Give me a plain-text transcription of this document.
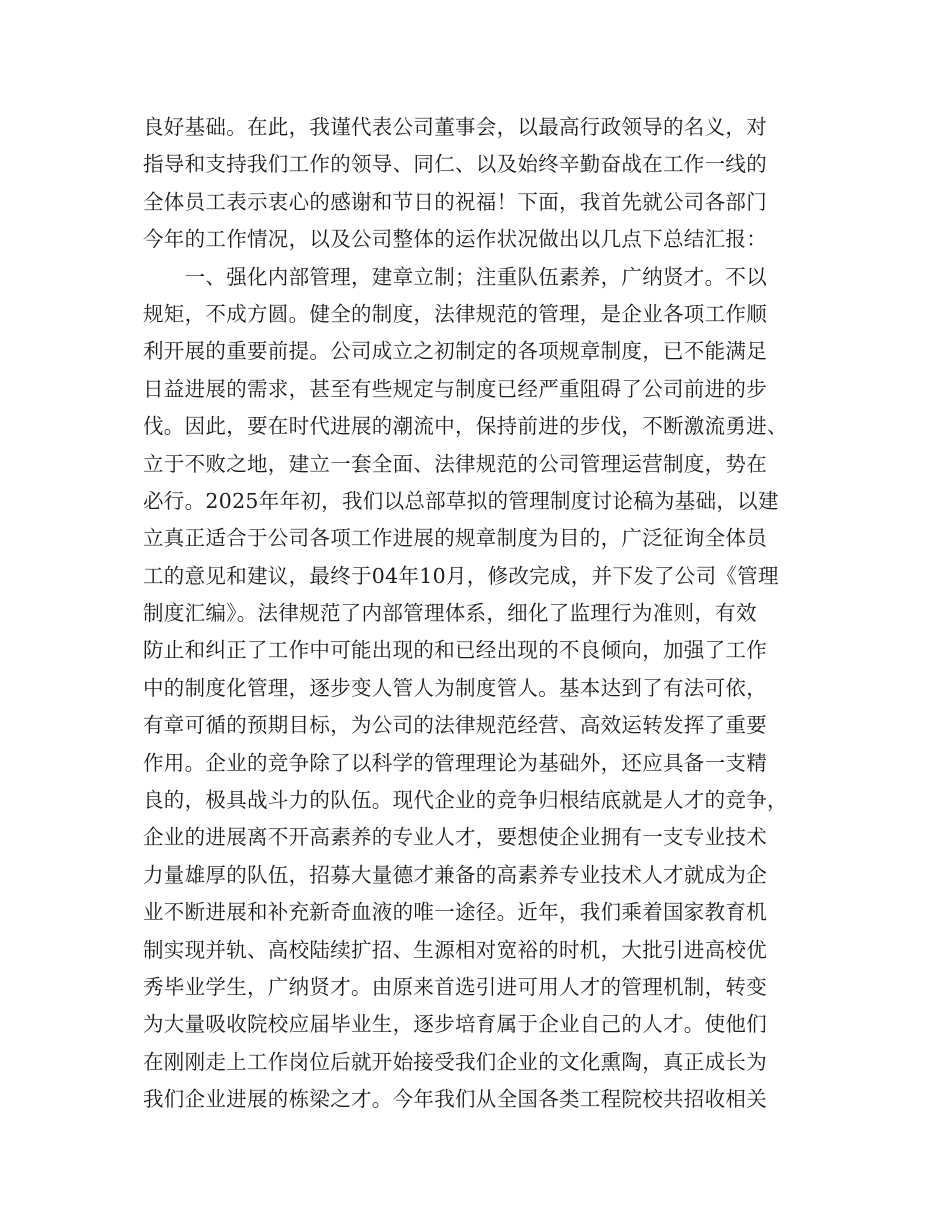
良好基础。在此，我谨代表公司董事会，以最高行政领导的名义，对
指导和支持我们工作的领导、同仁、以及始终辛勤奋战在工作一线的
全体员工表示衷心的感谢和节日的祝福！下面，我首先就公司各部门
今年的工作情况，以及公司整体的运作状况做出以几点下总结汇报：
　　一、强化内部管理，建章立制；注重队伍素养，广纳贤才。不以
规矩，不成方圆。健全的制度，法律规范的管理，是企业各项工作顺
利开展的重要前提。公司成立之初制定的各项规章制度，已不能满足
日益进展的需求，甚至有些规定与制度已经严重阻碍了公司前进的步
伐。因此，要在时代进展的潮流中，保持前进的步伐，不断激流勇进、
立于不败之地，建立一套全面、法律规范的公司管理运营制度，势在
必行。2025年年初，我们以总部草拟的管理制度讨论稿为基础，以建
立真正适合于公司各项工作进展的规章制度为目的，广泛征询全体员
工的意见和建议，最终于04年10月，修改完成，并下发了公司《管理
制度汇编》。法律规范了内部管理体系，细化了监理行为准则，有效
防止和纠正了工作中可能出现的和已经出现的不良倾向，加强了工作
中的制度化管理，逐步变人管人为制度管人。基本达到了有法可依，
有章可循的预期目标，为公司的法律规范经营、高效运转发挥了重要
作用。企业的竞争除了以科学的管理理论为基础外，还应具备一支精
良的，极具战斗力的队伍。现代企业的竞争归根结底就是人才的竞争，
企业的进展离不开高素养的专业人才，要想使企业拥有一支专业技术
力量雄厚的队伍，招募大量德才兼备的高素养专业技术人才就成为企
业不断进展和补充新奇血液的唯一途径。近年，我们乘着国家教育机
制实现并轨、高校陆续扩招、生源相对宽裕的时机，大批引进高校优
秀毕业学生，广纳贤才。由原来首选引进可用人才的管理机制，转变
为大量吸收院校应届毕业生，逐步培育属于企业自己的人才。使他们
在刚刚走上工作岗位后就开始接受我们企业的文化熏陶，真正成长为
我们企业进展的栋梁之才。今年我们从全国各类工程院校共招收相关
